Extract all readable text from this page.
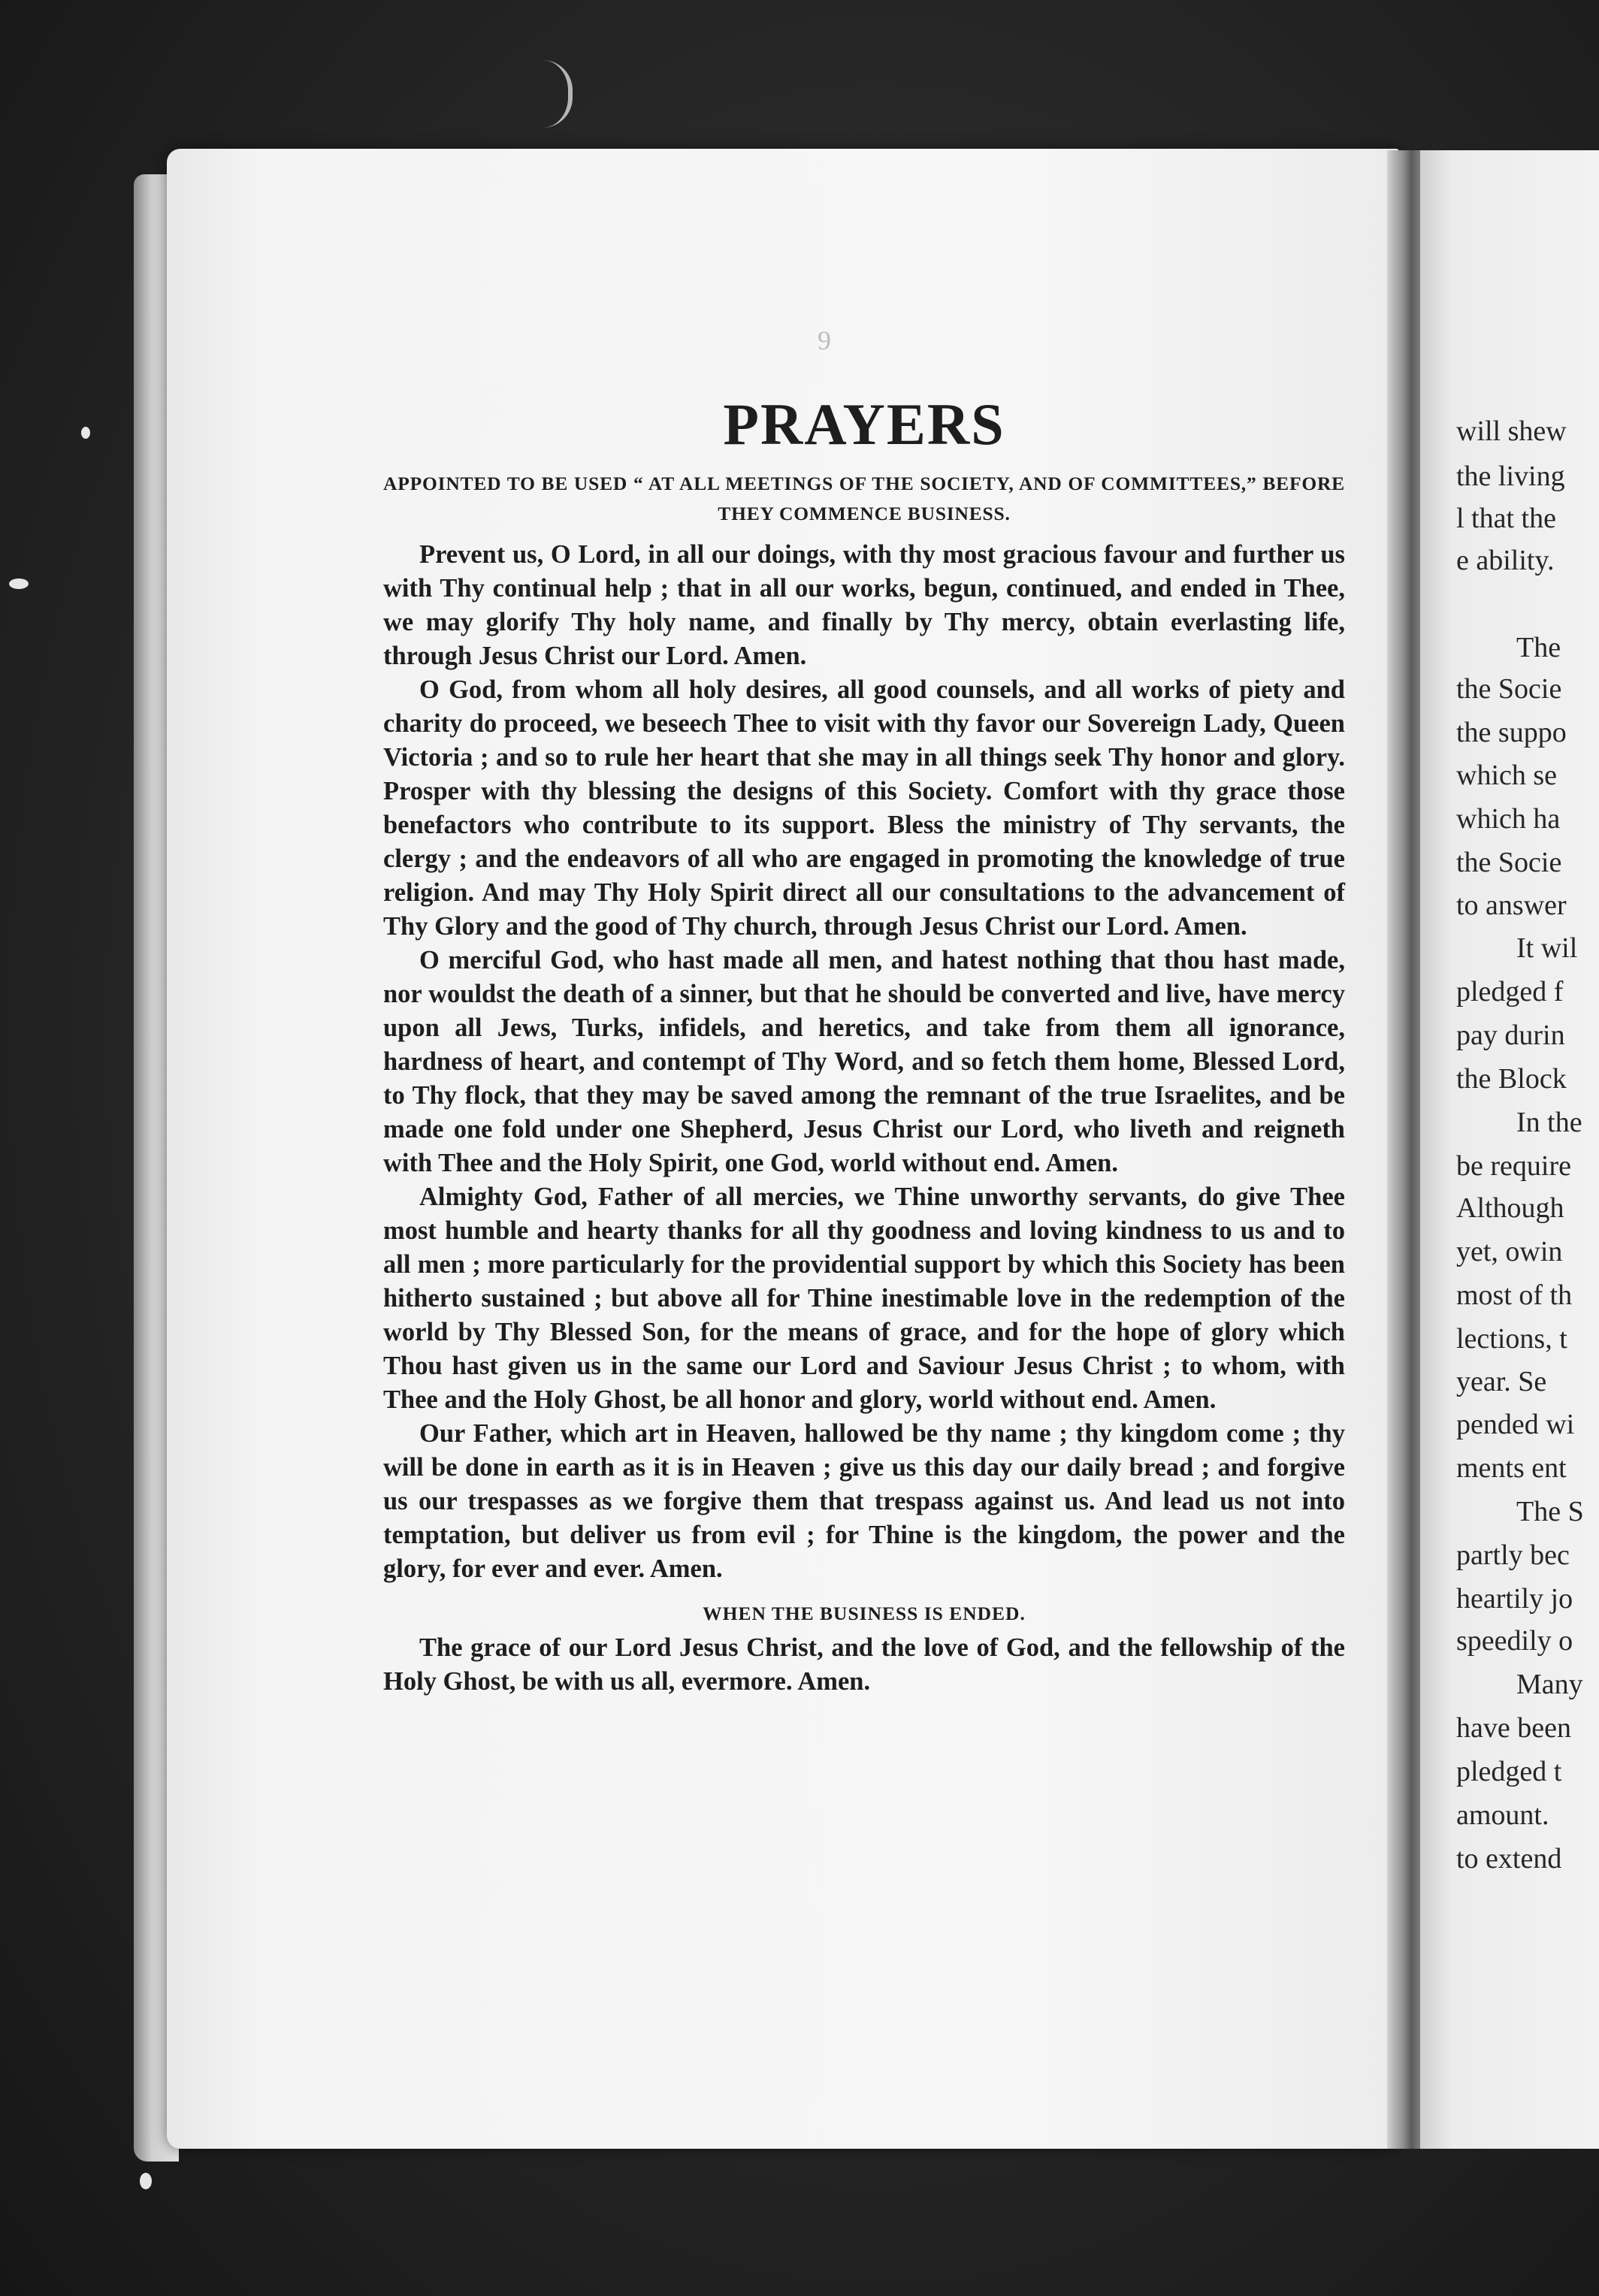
will shew
the living
l that the
e ability.
The
the Socie
the suppo
which se
which ha
the Socie
to answer
It wil
pledged f
pay durin
the Block
In the
be require
Although
yet, owin
most of th
lections, t
year. Se
pended wi
ments ent
The S
partly bec
heartily jo
speedily o
Many
have been
pledged t
amount.
to extend
9
PRAYERS

APPOINTED TO BE USED “ AT ALL MEETINGS OF THE SOCIETY, AND OF COMMITTEES,” BEFORE THEY COMMENCE BUSINESS.

Prevent us, O Lord, in all our doings, with thy most gracious favour and further us with Thy continual help ; that in all our works, begun, continued, and ended in Thee, we may glorify Thy holy name, and finally by Thy mercy, obtain everlasting life, through Jesus Christ our Lord. Amen.

O God, from whom all holy desires, all good counsels, and all works of piety and charity do proceed, we beseech Thee to visit with thy favor our Sovereign Lady, Queen Victoria ; and so to rule her heart that she may in all things seek Thy honor and glory. Prosper with thy blessing the designs of this Society. Comfort with thy grace those benefactors who contribute to its support. Bless the ministry of Thy servants, the clergy ; and the endeavors of all who are engaged in promoting the knowledge of true religion. And may Thy Holy Spirit direct all our consultations to the advancement of Thy Glory and the good of Thy church, through Jesus Christ our Lord. Amen.

O merciful God, who hast made all men, and hatest nothing that thou hast made, nor wouldst the death of a sinner, but that he should be converted and live, have mercy upon all Jews, Turks, infidels, and heretics, and take from them all ignorance, hardness of heart, and contempt of Thy Word, and so fetch them home, Blessed Lord, to Thy flock, that they may be saved among the remnant of the true Israelites, and be made one fold under one Shepherd, Jesus Christ our Lord, who liveth and reigneth with Thee and the Holy Spirit, one God, world without end. Amen.

Almighty God, Father of all mercies, we Thine unworthy servants, do give Thee most humble and hearty thanks for all thy goodness and loving kindness to us and to all men ; more particularly for the providential support by which this Society has been hitherto sustained ; but above all for Thine inestimable love in the redemption of the world by Thy Blessed Son, for the means of grace, and for the hope of glory which Thou hast given us in the same our Lord and Saviour Jesus Christ ; to whom, with Thee and the Holy Ghost, be all honor and glory, world without end. Amen.

Our Father, which art in Heaven, hallowed be thy name ; thy kingdom come ; thy will be done in earth as it is in Heaven ; give us this day our daily bread ; and forgive us our trespasses as we forgive them that trespass against us. And lead us not into temptation, but deliver us from evil ; for Thine is the kingdom, the power and the glory, for ever and ever. Amen.

WHEN THE BUSINESS IS ENDED.

The grace of our Lord Jesus Christ, and the love of God, and the fellowship of the Holy Ghost, be with us all, evermore. Amen.
